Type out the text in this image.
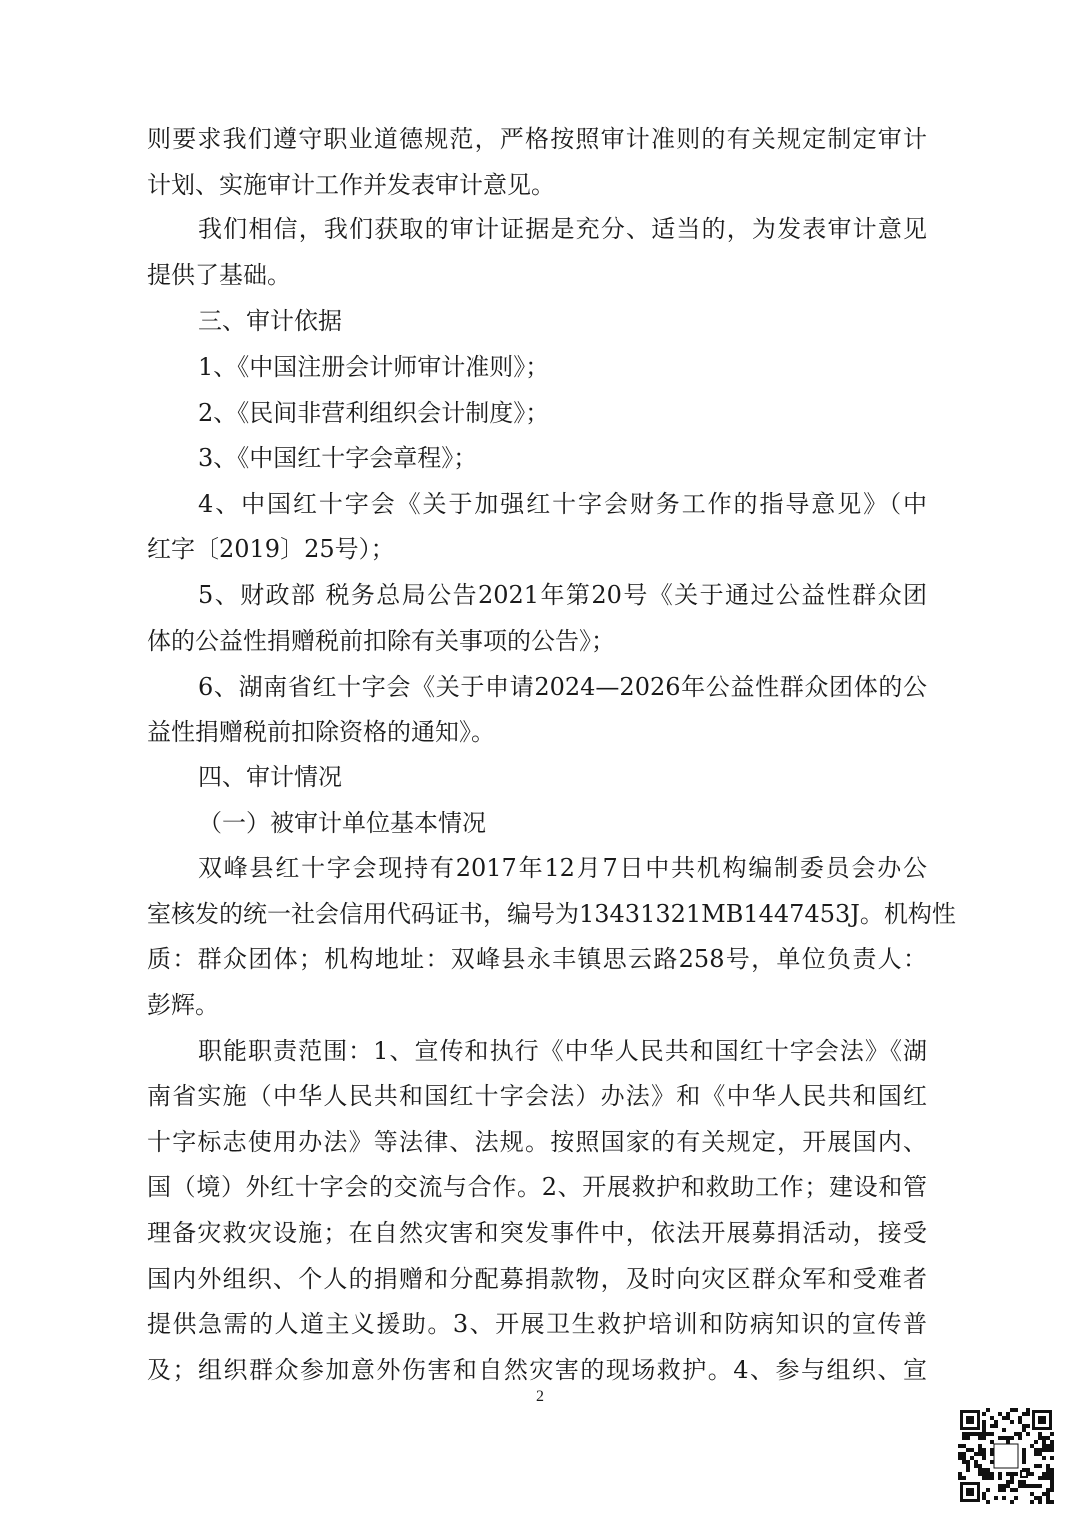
则要求我们遵守职业道德规范，严格按照审计准则的有关规定制定审计
计划、实施审计工作并发表审计意见。
我们相信，我们获取的审计证据是充分、适当的，为发表审计意见
提供了基础。
三、审计依据
1、《中国注册会计师审计准则》；
2、《民间非营利组织会计制度》；
3、《中国红十字会章程》；
4、中国红十字会《关于加强红十字会财务工作的指导意见》（中
红字〔2019〕25号）；
5、财政部 税务总局公告2021年第20号《关于通过公益性群众团
体的公益性捐赠税前扣除有关事项的公告》；
6、湖南省红十字会《关于申请2024—2026年公益性群众团体的公
益性捐赠税前扣除资格的通知》。
四、审计情况
（一）被审计单位基本情况
双峰县红十字会现持有2017年12月7日中共机构编制委员会办公
室核发的统一社会信用代码证书，编号为13431321MB1447453J。机构性
质：群众团体；机构地址：双峰县永丰镇思云路258号，单位负责人：
彭辉。
职能职责范围：1、宣传和执行《中华人民共和国红十字会法》《湖
南省实施（中华人民共和国红十字会法）办法》和《中华人民共和国红
十字标志使用办法》等法律、法规。按照国家的有关规定，开展国内、
国（境）外红十字会的交流与合作。2、开展救护和救助工作；建设和管
理备灾救灾设施；在自然灾害和突发事件中，依法开展募捐活动，接受
国内外组织、个人的捐赠和分配募捐款物，及时向灾区群众军和受难者
提供急需的人道主义援助。3、开展卫生救护培训和防病知识的宣传普
及；组织群众参加意外伤害和自然灾害的现场救护。4、参与组织、宣
2
